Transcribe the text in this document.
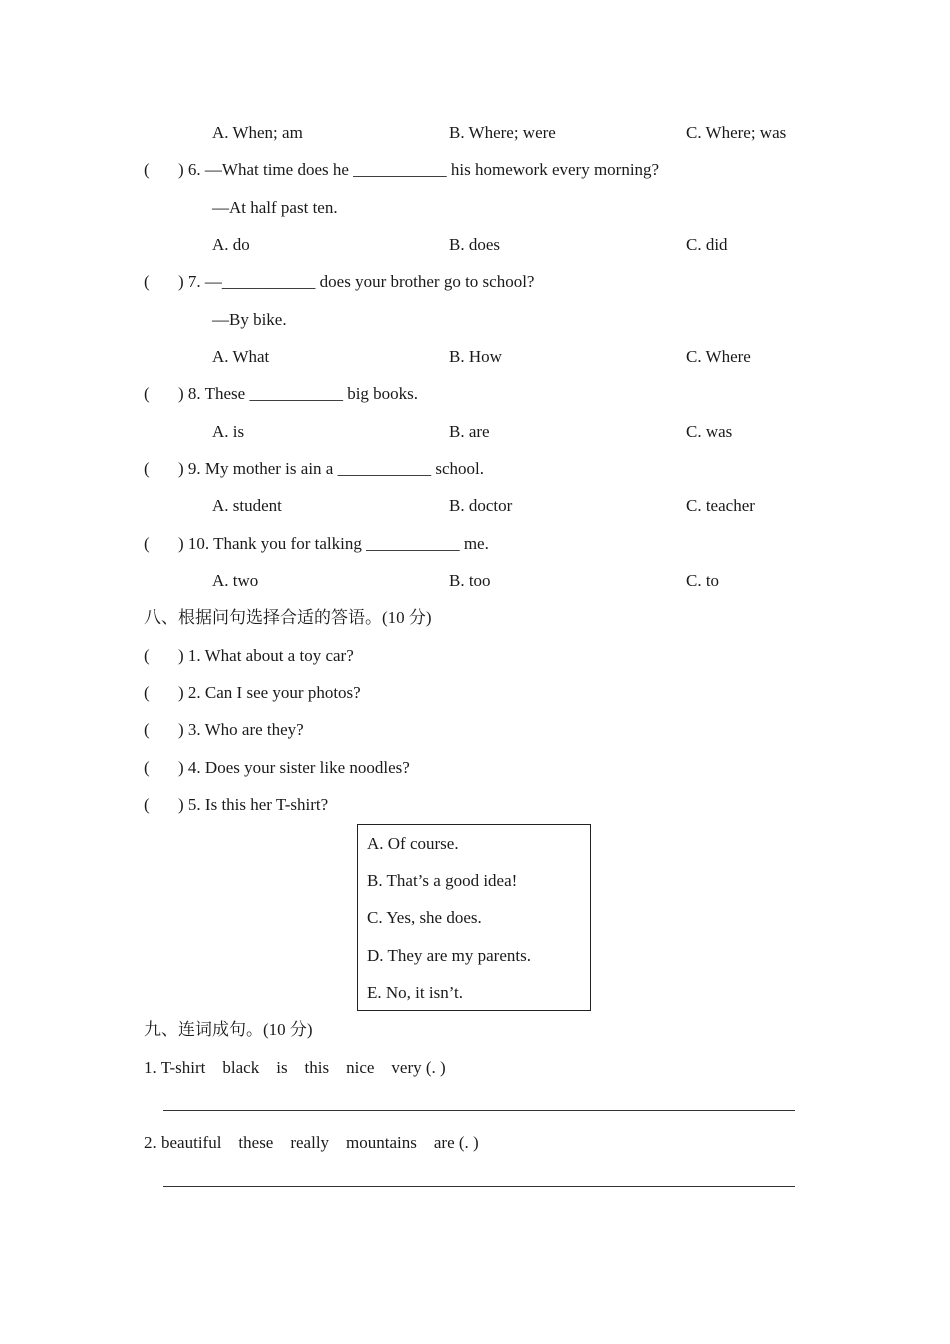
A. When; am	B. Where; were	C. Where; was
( ) 6. —What time does he ___________ his homework every morning?
—At half past ten.
A. do	B. does	C. did
( ) 7. —___________ does your brother go to school?
—By bike.
A. What	B. How	C. Where
( ) 8. These ___________ big books.
A. is	B. are	C. was
( ) 9. My mother is ain a ___________ school.
A. student	B. doctor	C. teacher
( ) 10. Thank you for talking ___________ me.
A. two	B. too	C. to
八、根据问句选择合适的答语。(10 分)
( ) 1. What about a toy car?
( ) 2. Can I see your photos?
( ) 3. Who are they?
( ) 4. Does your sister like noodles?
( ) 5. Is this her T-shirt?
A. Of course.
B. That’s a good idea!
C. Yes, she does.
D. They are my parents.
E. No, it isn’t.
九、连词成句。(10 分)
1. T-shirt    black    is    this    nice    very (. )
2. beautiful    these    really    mountains    are (. )
